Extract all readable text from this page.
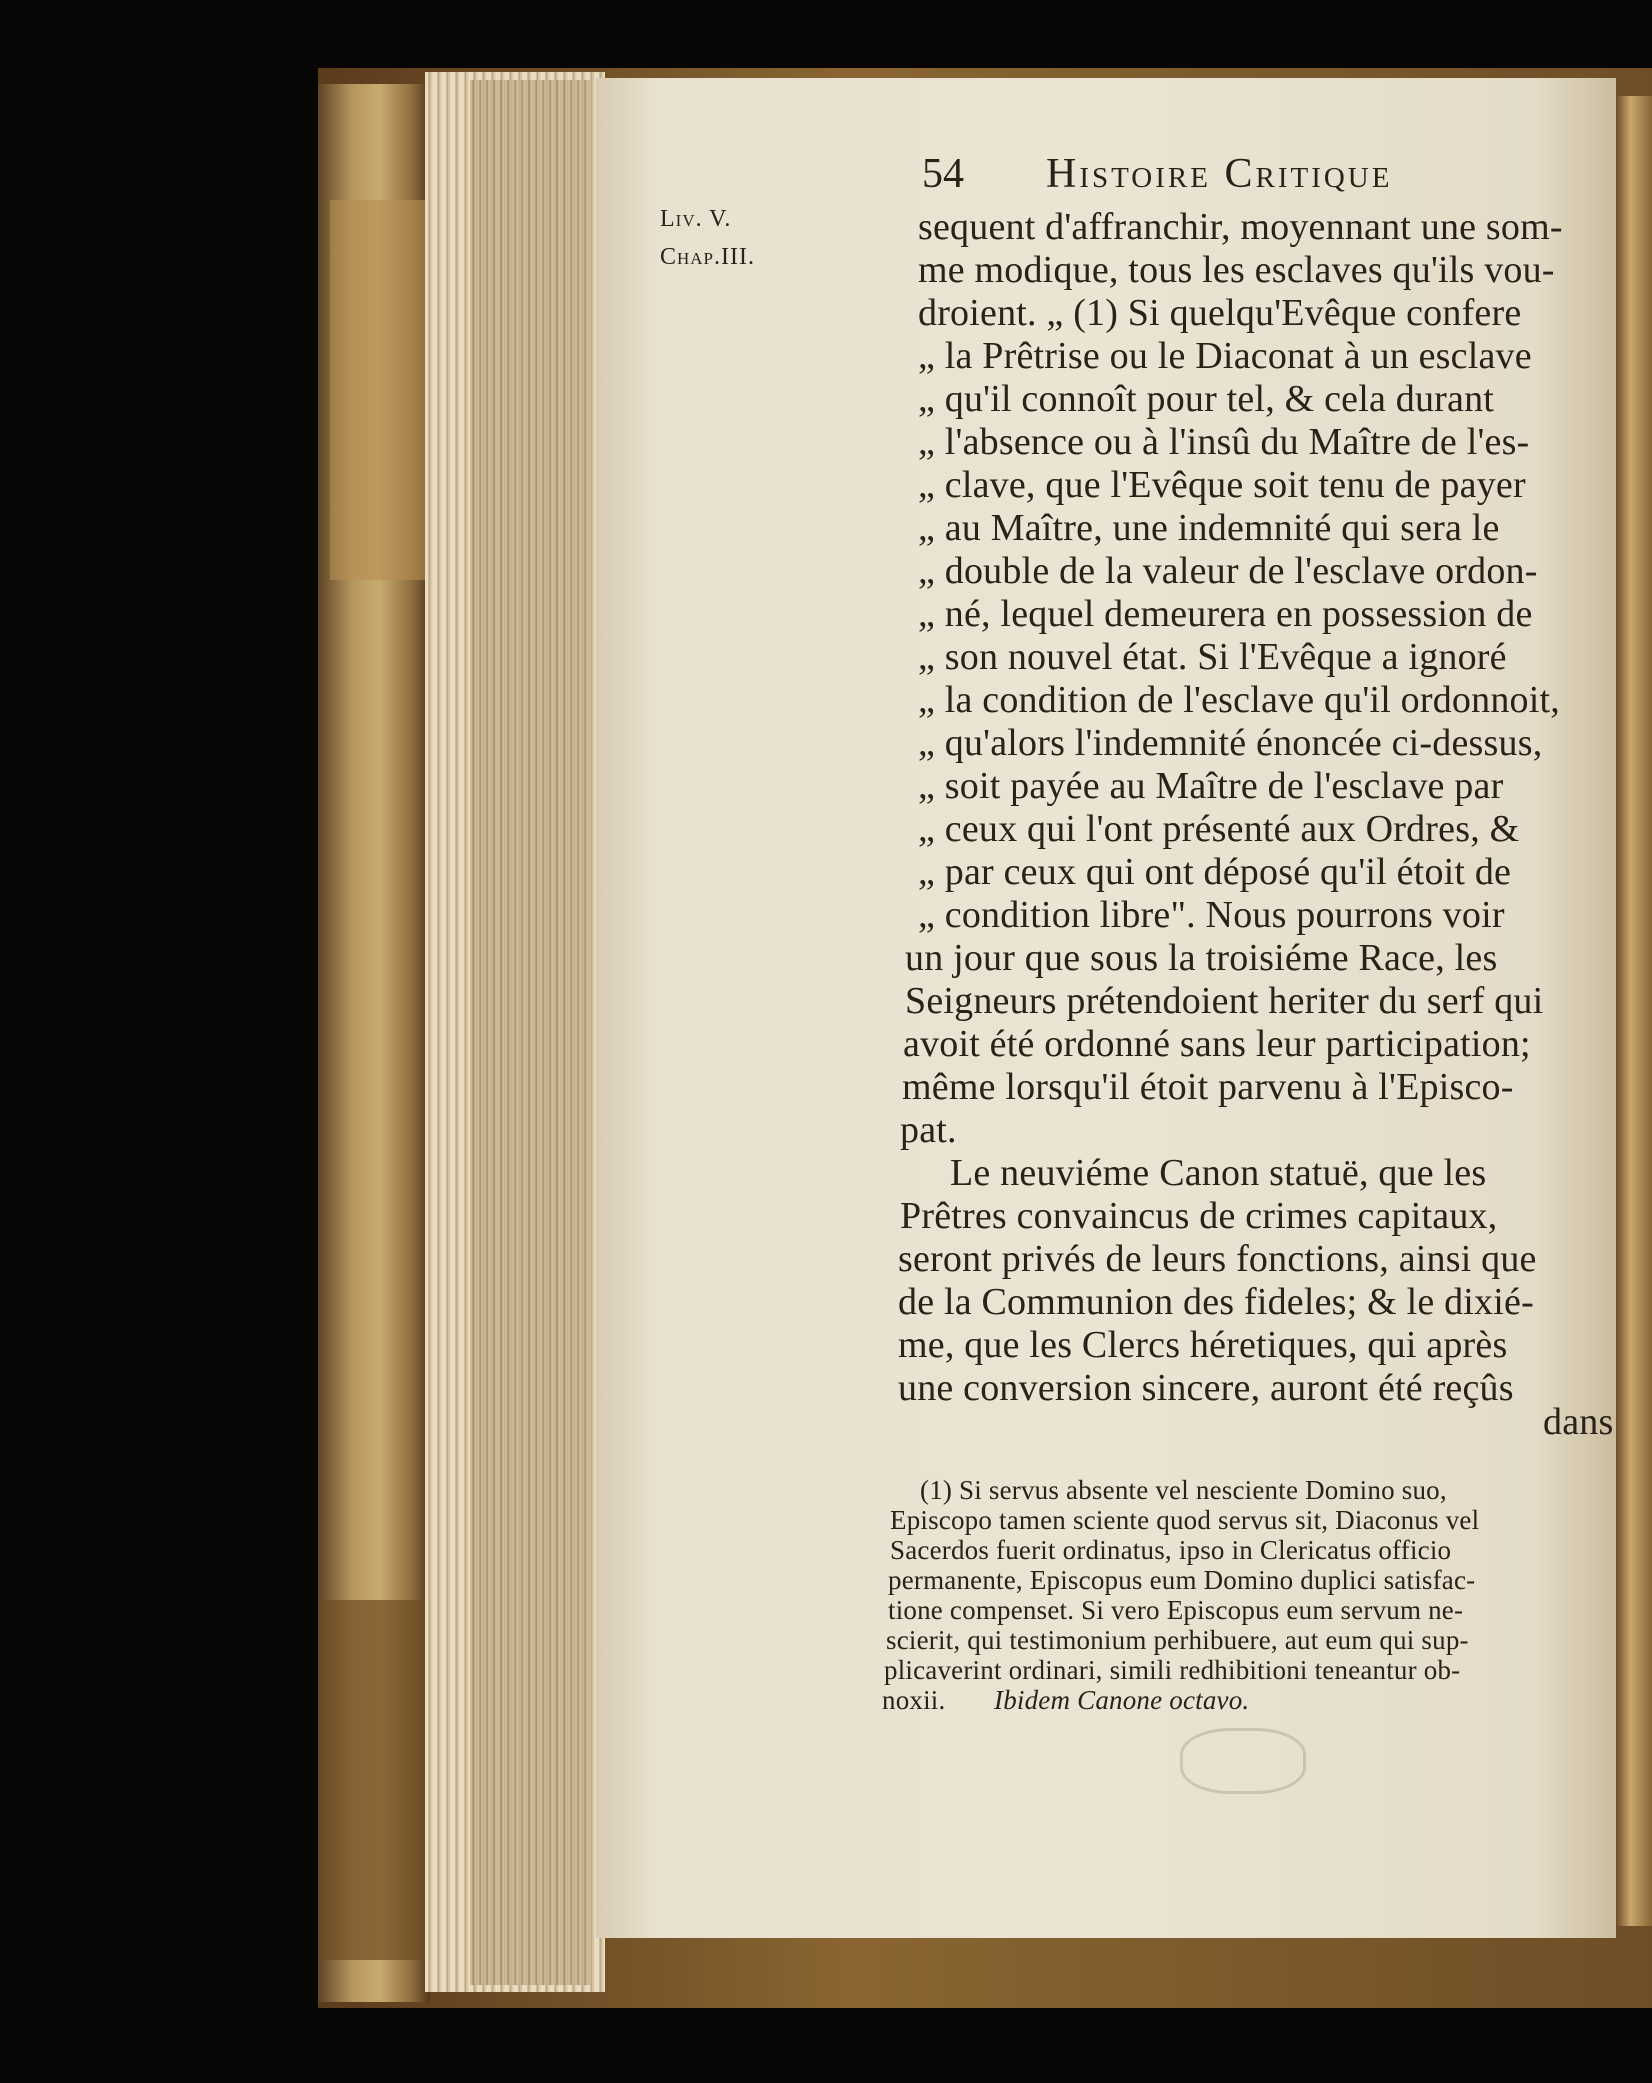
54 Histoire Critique
Liv. V.
Chap.III.
sequent d'affranchir, moyennant une som-
me modique, tous les esclaves qu'ils vou-
droient. „ (1) Si quelqu'Evêque confere
„ la Prêtrise ou le Diaconat à un esclave
„ qu'il connoît pour tel, & cela durant
„ l'absence ou à l'insû du Maître de l'es-
„ clave, que l'Evêque soit tenu de payer
„ au Maître, une indemnité qui sera le
„ double de la valeur de l'esclave ordon-
„ né, lequel demeurera en possession de
„ son nouvel état. Si l'Evêque a ignoré
„ la condition de l'esclave qu'il ordonnoit,
„ qu'alors l'indemnité énoncée ci-dessus,
„ soit payée au Maître de l'esclave par
„ ceux qui l'ont présenté aux Ordres, &
„ par ceux qui ont déposé qu'il étoit de
„ condition libre". Nous pourrons voir
un jour que sous la troisiéme Race, les
Seigneurs prétendoient heriter du serf qui
avoit été ordonné sans leur participation;
même lorsqu'il étoit parvenu à l'Episco-
pat.
Le neuviéme Canon statuë, que les
Prêtres convaincus de crimes capitaux,
seront privés de leurs fonctions, ainsi que
de la Communion des fideles; & le dixié-
me, que les Clercs héretiques, qui après
une conversion sincere, auront été reçûs
dans
(1) Si servus absente vel nesciente Domino suo,
Episcopo tamen sciente quod servus sit, Diaconus vel
Sacerdos fuerit ordinatus, ipso in Clericatus officio
permanente, Episcopus eum Domino duplici satisfac-
tione compenset. Si vero Episcopus eum servum ne-
scierit, qui testimonium perhibuere, aut eum qui sup-
plicaverint ordinari, simili redhibitioni teneantur ob-
noxii. Ibidem Canone octavo.
